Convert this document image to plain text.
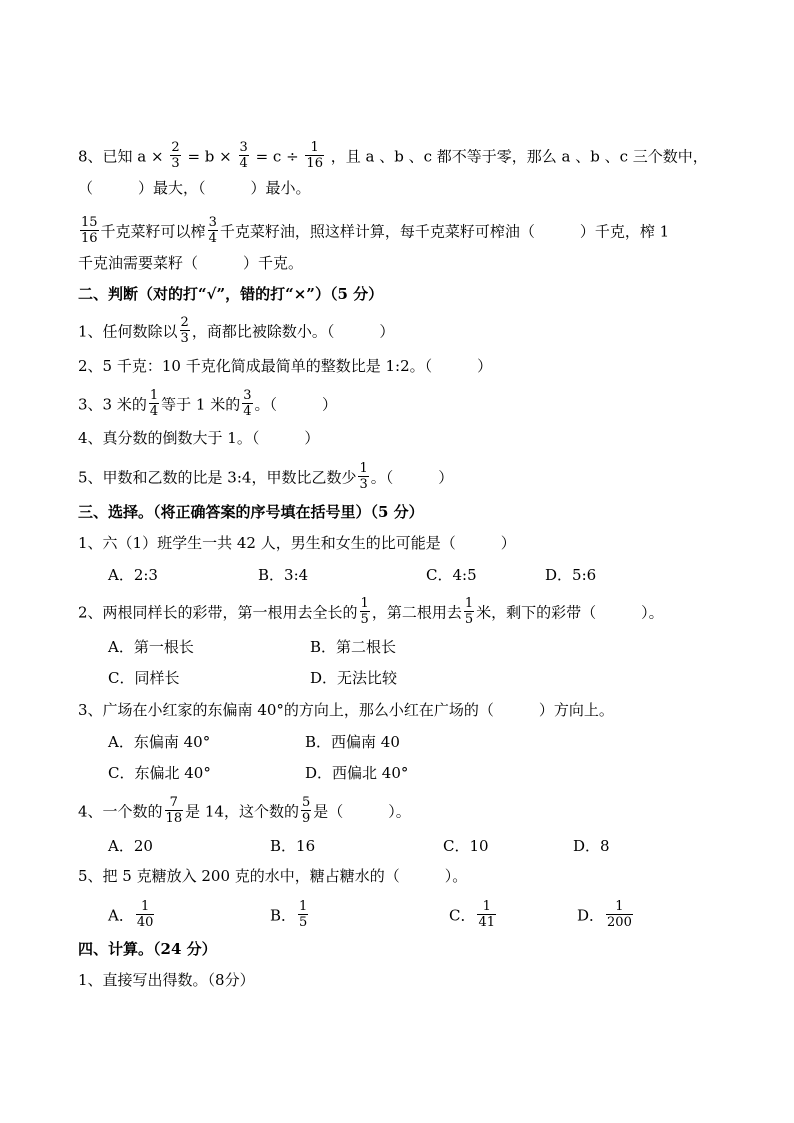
8、已知 $a \times \frac{2}{3} = b \times \frac{3}{4} = c \div \frac{1}{16}$ ，且 a 、b 、c 都不等于零，那么 a 、b 、c 三个数中，
（　　　）最大，（　　　）最小。
$\frac{15}{16}$ 千克菜籽可以榨 $\frac{3}{4}$ 千克菜籽油，照这样计算，每千克菜籽可榨油（　　　）千克，榨 1
千克油需要菜籽（　　　）千克。
二、判断（对的打“√”，错的打“×”）（5 分）
1、任何数除以 $\frac{2}{3}$ ，商都比被除数小。（　　　）
2、5 千克：10 千克化简成最简单的整数比是 1:2。（　　　）
3、3 米的 $\frac{1}{4}$ 等于 1 米的 $\frac{3}{4}$ 。（　　　）
4、真分数的倒数大于 1。（　　　）
5、甲数和乙数的比是 3:4，甲数比乙数少 $\frac{1}{3}$ 。（　　　）
三、选择。（将正确答案的序号填在括号里）（5 分）
1、六（1）班学生一共 42 人，男生和女生的比可能是（　　　）
A．2:3	B．3:4	C．4:5	D．5:6
2、两根同样长的彩带，第一根用去全长的 $\frac{1}{5}$ ，第二根用去 $\frac{1}{5}$ 米，剩下的彩带（　　　）。
A．第一根长	B．第二根长
C．同样长	D．无法比较
3、广场在小红家的东偏南 40°的方向上，那么小红在广场的（　　　）方向上。
A．东偏南 40°	B．西偏南 40
C．东偏北 40°	D．西偏北 40°
4、一个数的 $\frac{7}{18}$ 是 14，这个数的 $\frac{5}{9}$ 是（　　　）。
A．20	B．16	C．10	D．8
5、把 5 克糖放入 200 克的水中，糖占糖水的（　　　）。
A． $\frac{1}{40}$	B． $\frac{1}{5}$	C． $\frac{1}{41}$	D． $\frac{1}{200}$
四、计算。（24 分）
1、直接写出得数。（8分）
